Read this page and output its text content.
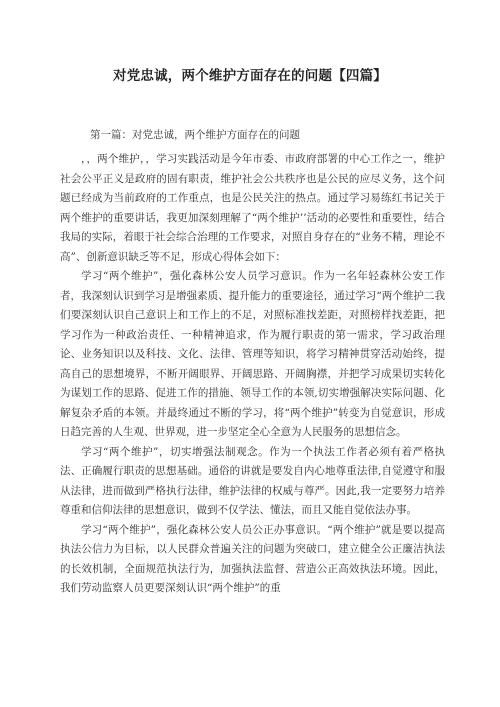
对党忠诚，两个维护方面存在的问题【四篇】

第一篇：对党忠诚，两个维护方面存在的问题

，，两个维护，，学习实践活动是今年市委、市政府部署的中心工作之一，维护社会公平正义是政府的固有职责，维护社会公共秩序也是公民的应尽义务，这个问题已经成为当前政府的工作重点，也是公民关注的热点。通过学习易练红书记关于两个维护的重要讲话，我更加深刻理解了“两个维护’’活动的必要性和重要性，结合我局的实际，着眼于社会综合治理的工作要求，对照自身存在的“业务不精，理论不高”、创新意识缺乏等不足，形成心得体会如下：

学习“两个维护”，强化森林公安人员学习意识。作为一名年轻森林公安工作者，我深刻认识到学习是增强素质、提升能力的重要途径，通过学习“两个维护二我们要深刻认识自己意识上和工作上的不足，对照标准找差距，对照榜样找差距，把学习作为一种政治责任、一种精神追求，作为履行职责的第一需求，学习政治理论、业务知识以及科技、文化、法律、管理等知识，将学习精神贯穿活动始终，提高自己的思想境界，不断开阔眼界、开阔思路、开阔胸襟，并把学习成果切实转化为谋划工作的思路、促进工作的措施、领导工作的本领,切实增强解决实际问题、化解复杂矛盾的本领。并最终通过不断的学习，将“两个维护”转变为自觉意识，形成日趋完善的人生观、世界观，进一步坚定全心全意为人民服务的思想信念。

学习“两个维护”，切实增强法制观念。作为一个执法工作者必须有着严格执法、正确履行职责的思想基础。通俗的讲就是要发自内心地尊重法律,自觉遵守和服从法律，进而做到严格执行法律，维护法律的权威与尊严。因此,我一定要努力培养尊重和信仰法律的思想意识，做到不仅学法、懂法，而且又能自觉依法办事。

学习“两个维护”，强化森林公安人员公正办事意识。“两个维护”就是要以提高执法公信力为目标，以人民群众普遍关注的问题为突破口，建立健全公正廉洁执法的长效机制，全面规范执法行为，加强执法监督、营造公正高效执法环境。因此，我们劳动监察人员更要深刻认识“两个维护”的重
